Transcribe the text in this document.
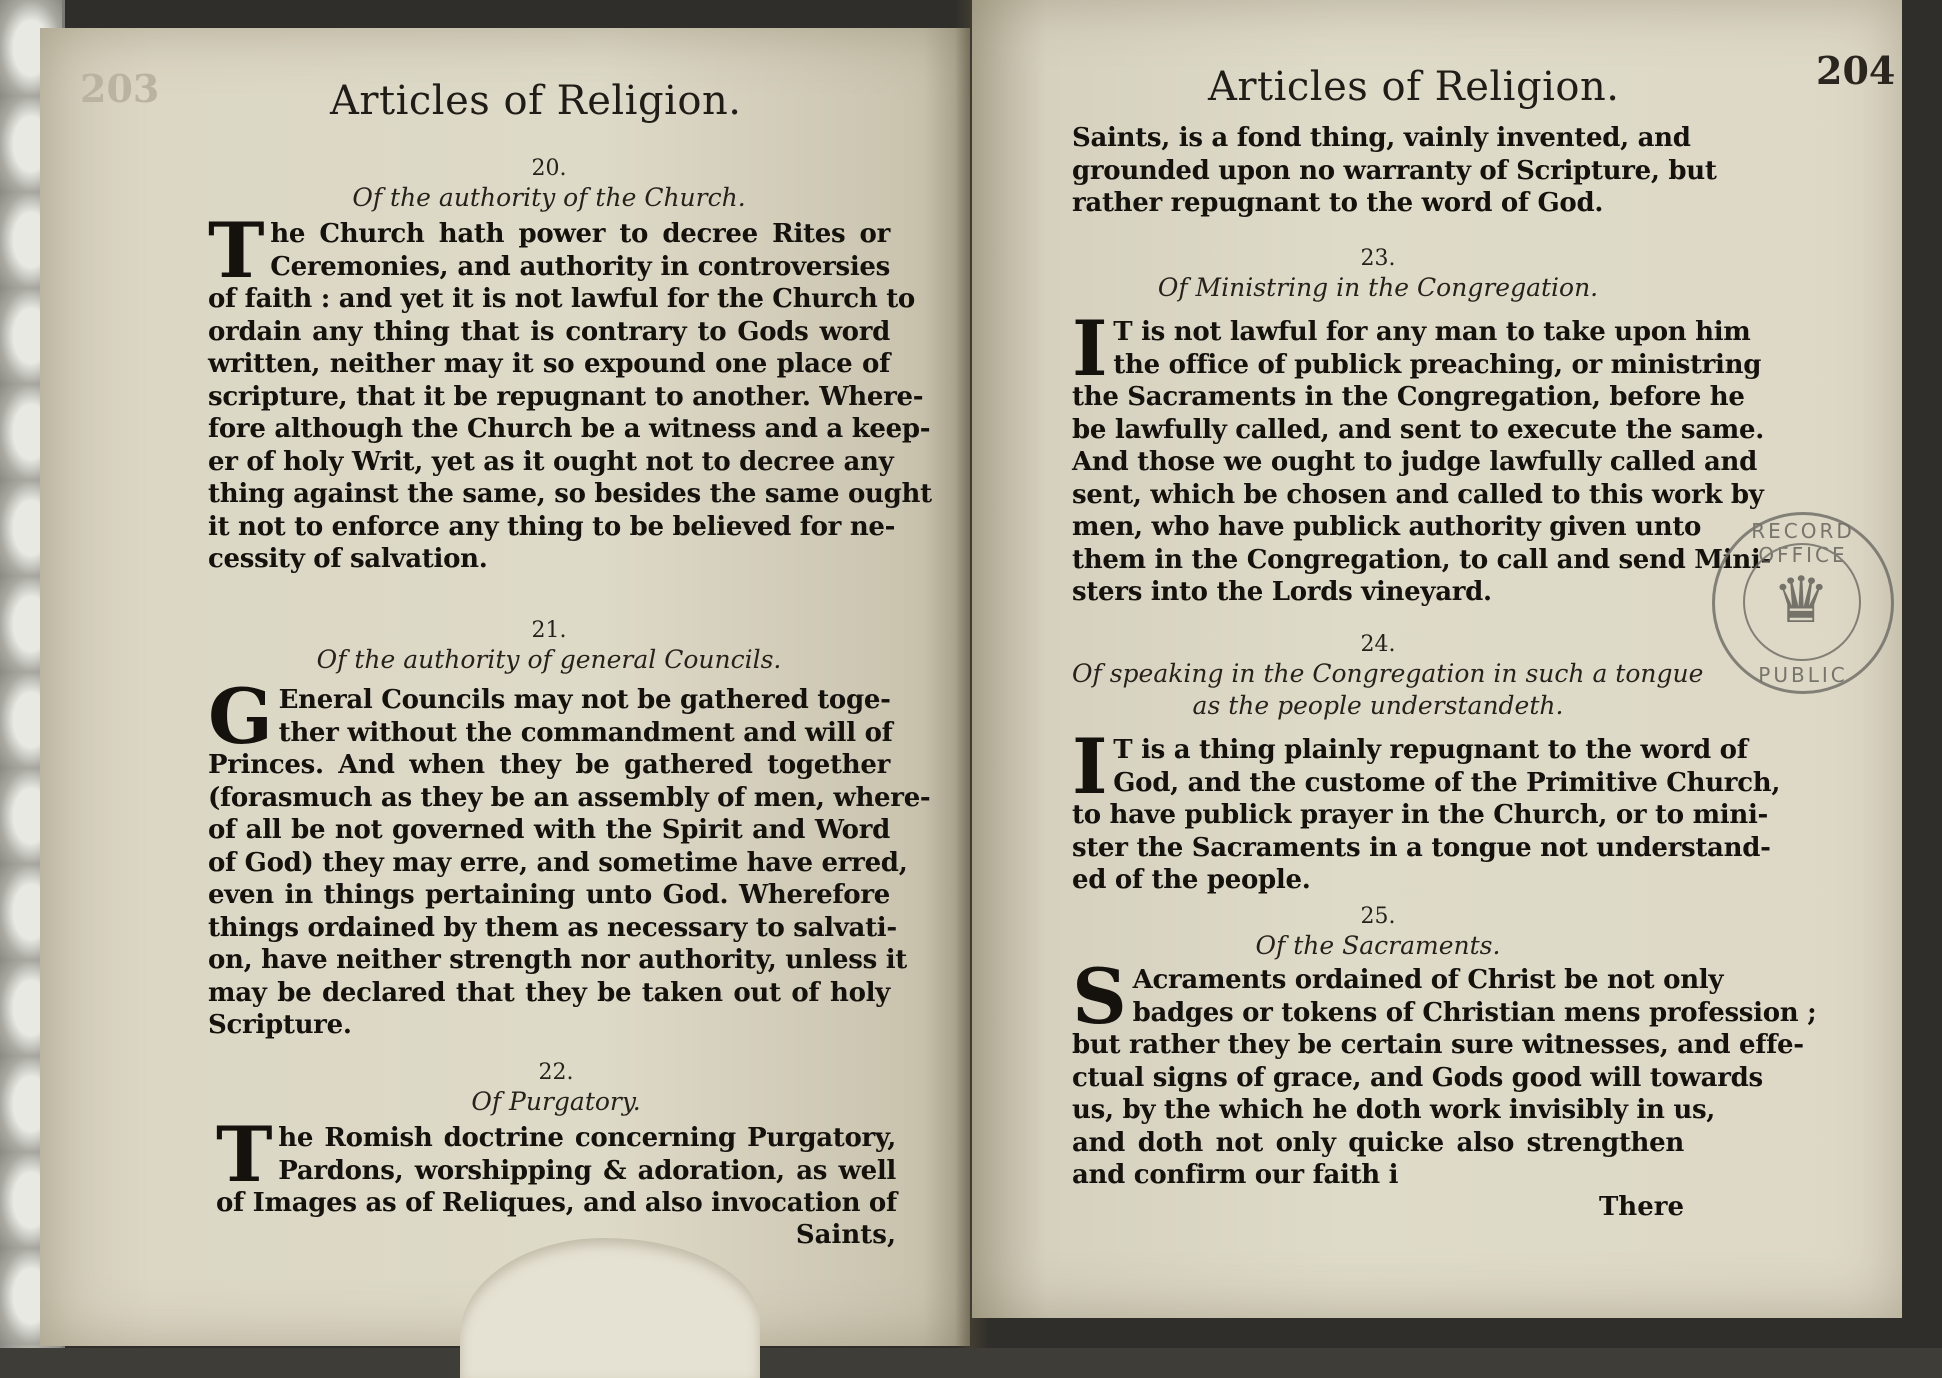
203	Articles of Religion.
20.
Of the authority of the Church.
T he Church hath power to decree Rites or
Ceremonies, and authority in controversies
of faith : and yet it is not lawful for the Church to
ordain any thing that is contrary to Gods word
written, neither may it so expound one place of
scripture, that it be repugnant to another. Where-
fore although the Church be a witness and a keep-
er of holy Writ, yet as it ought not to decree any
thing against the same, so besides the same ought
it not to enforce any thing to be believed for ne-
cessity of salvation.
21.
Of the authority of general Councils.
G Eneral Councils may not be gathered toge-
ther without the commandment and will of
Princes. And when they be gathered together
(forasmuch as they be an assembly of men, where-
of all be not governed with the Spirit and Word
of God) they may erre, and sometime have erred,
even in things pertaining unto God. Wherefore
things ordained by them as necessary to salvati-
on, have neither strength nor authority, unless it
may be declared that they be taken out of holy
Scripture.
22.
Of Purgatory.
T he Romish doctrine concerning Purgatory,
Pardons, worshipping & adoration, as well
of Images as of Reliques, and also invocation of
Saints,
Articles of Religion.	204
Saints, is a fond thing, vainly invented, and
grounded upon no warranty of Scripture, but
rather repugnant to the word of God.
23.
Of Ministring in the Congregation.
I T is not lawful for any man to take upon him
the office of publick preaching, or ministring
the Sacraments in the Congregation, before he
be lawfully called, and sent to execute the same.
And those we ought to judge lawfully called and
sent, which be chosen and called to this work by
men, who have publick authority given unto
them in the Congregation, to call and send Mini-
sters into the Lords vineyard.
24.
Of speaking in the Congregation in such a tongue
as the people understandeth.
I T is a thing plainly repugnant to the word of
God, and the custome of the Primitive Church,
to have publick prayer in the Church, or to mini-
ster the Sacraments in a tongue not understand-
ed of the people.
25.
Of the Sacraments.
S Acraments ordained of Christ be not only
badges or tokens of Christian mens profession ;
but rather they be certain sure witnesses, and effe-
ctual signs of grace, and Gods good will towards
us, by the which he doth work invisibly in us,
and doth not only quicke also strengthen
and confirm our faith i
There
RECORD OFFICE
♛
PUBLIC
